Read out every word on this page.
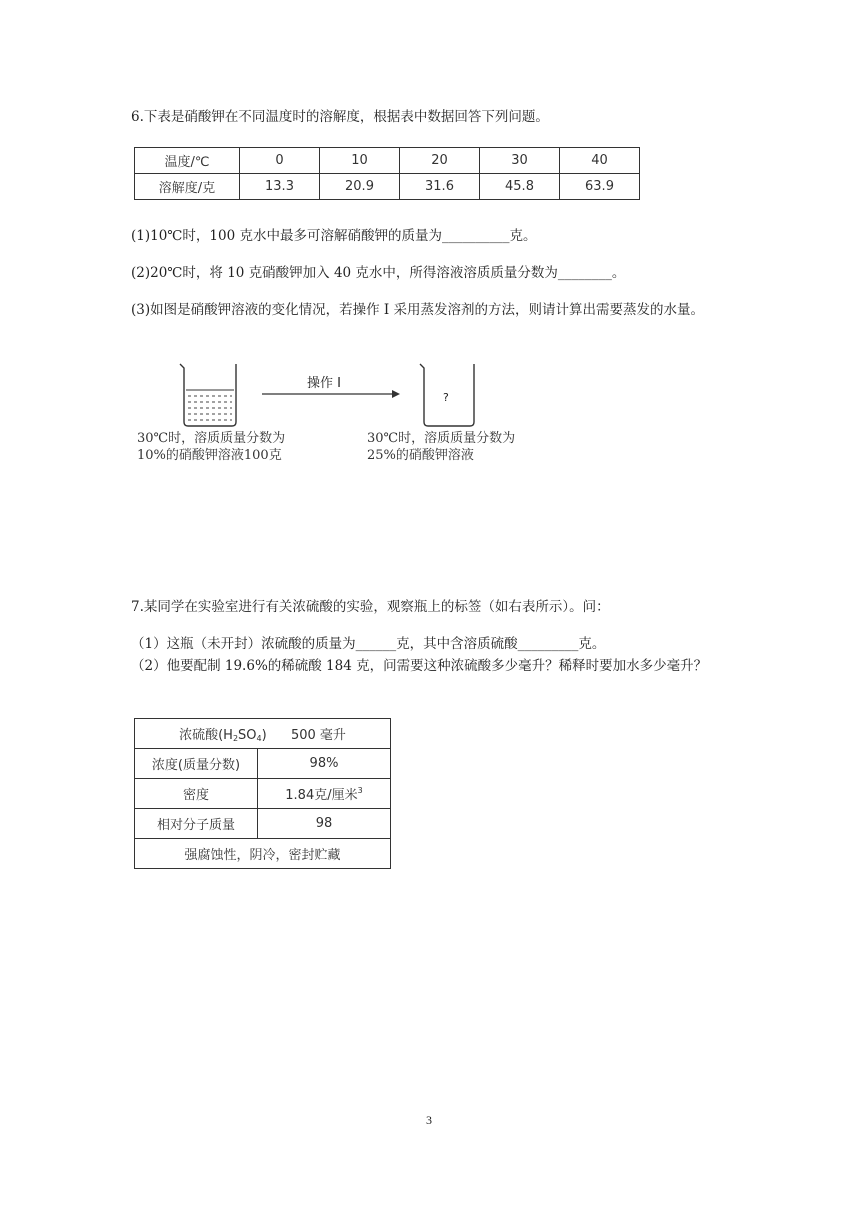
6.下表是硝酸钾在不同温度时的溶解度，根据表中数据回答下列问题。
温度/℃	0	10	20	30	40
溶解度/克	13.3	20.9	31.6	45.8	63.9
(1)10℃时，100 克水中最多可溶解硝酸钾的质量为__________克。
(2)20℃时，将 10 克硝酸钾加入 40 克水中，所得溶液溶质质量分数为________。
(3)如图是硝酸钾溶液的变化情况，若操作 I 采用蒸发溶剂的方法，则请计算出需要蒸发的水量。
操作 I
?
30℃时，溶质质量分数为
10%的硝酸钾溶液100克
30℃时，溶质质量分数为
25%的硝酸钾溶液
7.某同学在实验室进行有关浓硫酸的实验，观察瓶上的标签（如右表所示）。问：
（1）这瓶（未开封）浓硫酸的质量为______克，其中含溶质硫酸_________克。
（2）他要配制 19.6%的稀硫酸 184 克，问需要这种浓硫酸多少毫升？稀释时要加水多少毫升？
浓硫酸$(H_2SO_4)$ 500 毫升	
浓度(质量分数)	98%
密度	1.84克/厘米$^3$
相对分子质量	98
强腐蚀性，阴冷，密封贮藏	
3
